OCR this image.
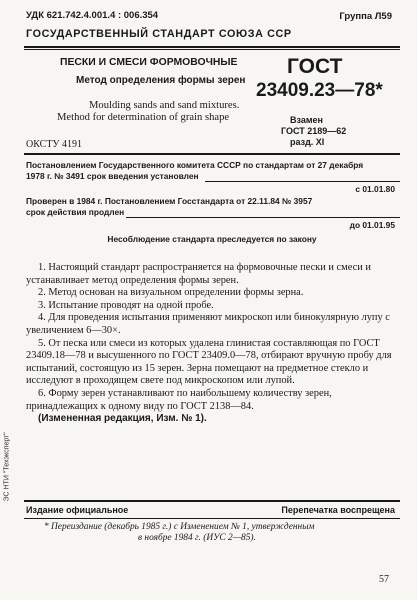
УДК 621.742.4.001.4 : 006.354	Группа Л59
ГОСУДАРСТВЕННЫЙ СТАНДАРТ СОЮЗА ССР
ПЕСКИ И СМЕСИ ФОРМОВОЧНЫЕ
Метод определения формы зерен
Moulding sands and sand mixtures.
Method for determination of grain shape
ГОСТ
23409.23—78*
Взамен
ГОСТ 2189—62
разд. XI
ОКСТУ 4191
Постановлением Государственного комитета СССР по стандартам от 27 декабря
1978 г. № 3491 срок введения установлен
с 01.01.80
Проверен в 1984 г. Постановлением Госстандарта от 22.11.84 № 3957
срок действия продлен
до 01.01.95
Несоблюдение стандарта преследуется по закону

1. Настоящий стандарт распространяется на формовочные пески и смеси и устанавливает метод определения формы зерен.

2. Метод основан на визуальном определении формы зерна.

3. Испытание проводят на одной пробе.

4. Для проведения испытания применяют микроскоп или бинокулярную лупу с увеличением 6—30×.

5. От песка или смеси из которых удалена глинистая составляющая по ГОСТ 23409.18—78 и высушенного по ГОСТ 23409.0—78, отбирают вручную пробу для испытаний, состоящую из 15 зерен. Зерна помещают на предметное стекло и исследуют в проходящем свете под микроскопом или лупой.

6. Форму зерен устанавливают по наибольшему количеству зерен, принадлежащих к одному виду по ГОСТ 2138—84.

(Измененная редакция, Изм. № 1).

ЭС НТИ "Техэксперт"
Издание официальное	Перепечатка воспрещена
* Переиздание (декабрь 1985 г.) с Изменением № 1, утвержденным
в ноябре 1984 г. (ИУС 2—85).
57
